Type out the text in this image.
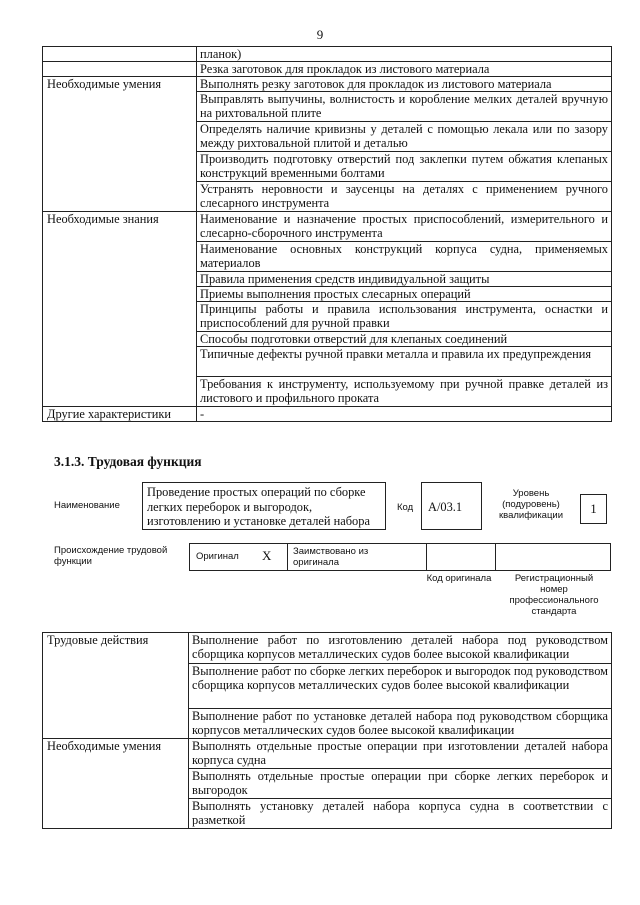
9
	планок)
	Резка заготовок для прокладок из листового материала
Необходимые умения	Выполнять резку заготовок для прокладок из листового материала
	Выправлять выпучины, волнистость и коробление мелких деталей вручную на рихтовальной плите
	Определять наличие кривизны у деталей с помощью лекала или по зазору между рихтовальной плитой и деталью
	Производить подготовку отверстий под заклепки путем обжатия клепаных конструкций временными болтами
	Устранять неровности и заусенцы на деталях с применением ручного слесарного инструмента
Необходимые знания	Наименование и назначение простых приспособлений, измерительного и слесарно-сборочного инструмента
	Наименование основных конструкций корпуса судна, применяемых материалов
	Правила применения средств индивидуальной защиты
	Приемы выполнения простых слесарных операций
	Принципы работы и правила использования инструмента, оснастки и приспособлений для ручной правки
	Способы подготовки отверстий для клепаных соединений
	Типичные дефекты ручной правки металла и правила их предупреждения
	Требования к инструменту, используемому при ручной правке деталей из листового и профильного проката
Другие характеристики	-
3.1.3. Трудовая функция
Наименование
Проведение простых операций по сборке легких переборок и выгородок, изготовлению и установке деталей набора
Код	А/03.1
Уровень (подуровень) квалификации	1
Происхождение трудовой функции	Оригинал X Заимствовано из оригинала
Код оригинала	Регистрационный номер профессионального стандарта
Трудовые действия	Выполнение работ по изготовлению деталей набора под руководством сборщика корпусов металлических судов более высокой квалификации
	Выполнение работ по сборке легких переборок и выгородок под руководством сборщика корпусов металлических судов более высокой квалификации
	Выполнение работ по установке деталей набора под руководством сборщика корпусов металлических судов более высокой квалификации
Необходимые умения	Выполнять отдельные простые операции при изготовлении деталей набора корпуса судна
	Выполнять отдельные простые операции при сборке легких переборок и выгородок
	Выполнять установку деталей набора корпуса судна в соответствии с разметкой
